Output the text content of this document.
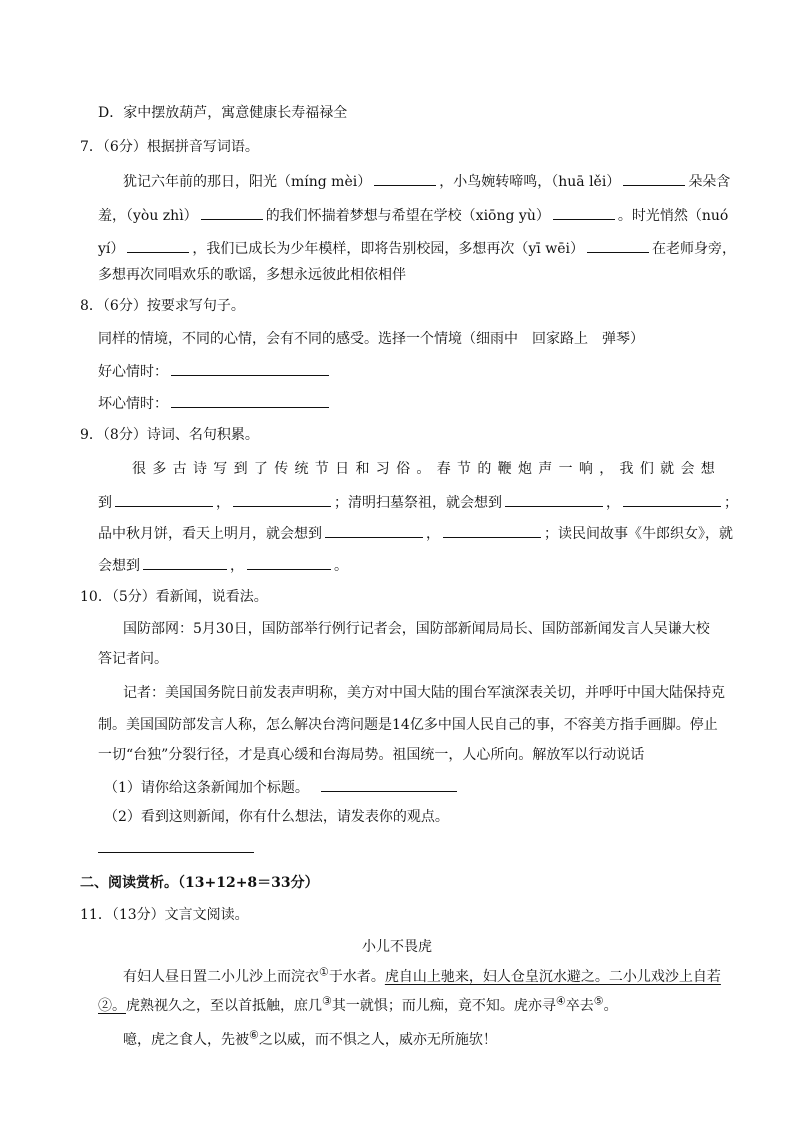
D．家中摆放葫芦，寓意健康长寿福禄全
7．（6分）根据拼音写词语。
犹记六年前的那日，阳光（míng mèi）	，小鸟婉转啼鸣，（huā lěi）	朵朵含
羞，（yòu zhì）	的我们怀揣着梦想与希望在学校（xiōng yù）	。时光悄然（nuó
yí）	，我们已成长为少年模样，即将告别校园，多想再次（yī wēi）	在老师身旁，
多想再次同唱欢乐的歌谣，多想永远彼此相依相伴
8．（6分）按要求写句子。
同样的情境，不同的心情，会有不同的感受。选择一个情境（细雨中　回家路上　弹琴）
好心情时：
坏心情时：
9．（8分）诗词、名句积累。
很 多 古 诗 写 到 了 传 统 节 日 和 习 俗 。 春 节 的 鞭 炮 声 一 响 ， 我 们 就 会 想
到	，	；清明扫墓祭祖，就会想到	，	；
品中秋月饼，看天上明月，就会想到	，	；读民间故事《牛郎织女》，就
会想到	，	。
10．（5分）看新闻，说看法。
国防部网：5月30日，国防部举行例行记者会，国防部新闻局局长、国防部新闻发言人吴谦大校
答记者问。
记者：美国国务院日前发表声明称，美方对中国大陆的围台军演深表关切，并呼吁中国大陆保持克
制。美国国防部发言人称，怎么解决台湾问题是14亿多中国人民自己的事，不容美方指手画脚。停止
一切“台独”分裂行径，才是真心缓和台海局势。祖国统一，人心所向。解放军以行动说话
（1）请你给这条新闻加个标题。
（2）看到这则新闻，你有什么想法，请发表你的观点。
二、阅读赏析。（13+12+8＝33分）
11．（13分）文言文阅读。
小儿不畏虎
有妇人昼日置二小儿沙上而浣衣①于水者。虎自山上驰来，妇人仓皇沉水避之。二小儿戏沙上自若
②。虎熟视久之，至以首抵触，庶几③其一就惧；而儿痴，竟不知。虎亦寻④卒去⑤。
噫，虎之食人，先被⑥之以威，而不惧之人，威亦无所施欤！
